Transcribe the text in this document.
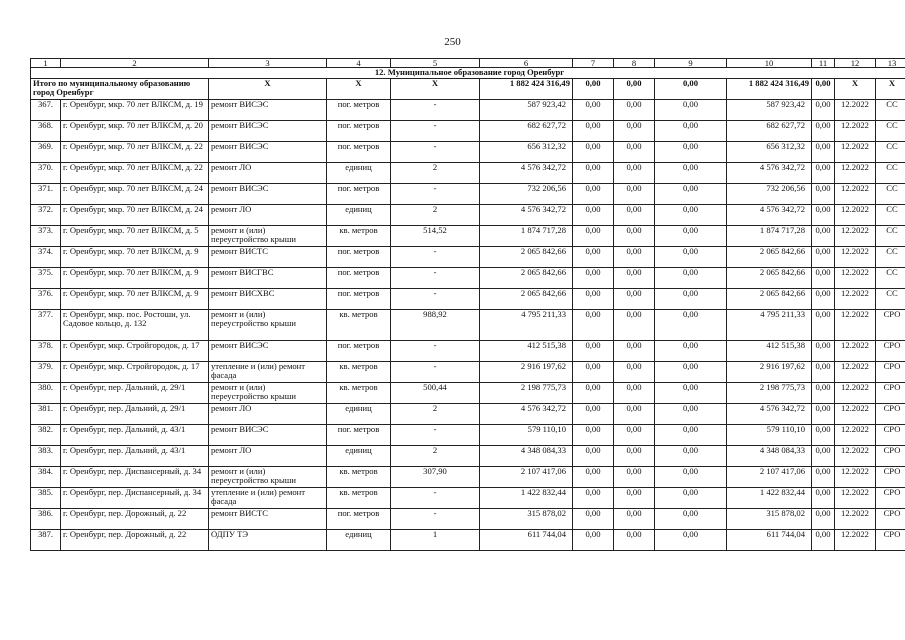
250
1	2	3	4	5	6	7	8	9	10	11	12	13
12. Муниципальное образование город Оренбург												
Итого по муниципальному образованию город Оренбург		X	X	X	1 882 424 316,49	0,00	0,00	0,00	1 882 424 316,49	0,00	X	X
367.	г. Оренбург, мкр. 70 лет ВЛКСМ, д. 19	ремонт ВИСЭС	пог. метров	-	587 923,42	0,00	0,00	0,00	587 923,42	0,00	12.2022	СС
368.	г. Оренбург, мкр. 70 лет ВЛКСМ, д. 20	ремонт ВИСЭС	пог. метров	-	682 627,72	0,00	0,00	0,00	682 627,72	0,00	12.2022	СС
369.	г. Оренбург, мкр. 70 лет ВЛКСМ, д. 22	ремонт ВИСЭС	пог. метров	-	656 312,32	0,00	0,00	0,00	656 312,32	0,00	12.2022	СС
370.	г. Оренбург, мкр. 70 лет ВЛКСМ, д. 22	ремонт ЛО	единиц	2	4 576 342,72	0,00	0,00	0,00	4 576 342,72	0,00	12.2022	СС
371.	г. Оренбург, мкр. 70 лет ВЛКСМ, д. 24	ремонт ВИСЭС	пог. метров	-	732 206,56	0,00	0,00	0,00	732 206,56	0,00	12.2022	СС
372.	г. Оренбург, мкр. 70 лет ВЛКСМ, д. 24	ремонт ЛО	единиц	2	4 576 342,72	0,00	0,00	0,00	4 576 342,72	0,00	12.2022	СС
373.	г. Оренбург, мкр. 70 лет ВЛКСМ, д. 5	ремонт и (или) переустройство крыши	кв. метров	514,52	1 874 717,28	0,00	0,00	0,00	1 874 717,28	0,00	12.2022	СС
374.	г. Оренбург, мкр. 70 лет ВЛКСМ, д. 9	ремонт ВИСТС	пог. метров	-	2 065 842,66	0,00	0,00	0,00	2 065 842,66	0,00	12.2022	СС
375.	г. Оренбург, мкр. 70 лет ВЛКСМ, д. 9	ремонт ВИСГВС	пог. метров	-	2 065 842,66	0,00	0,00	0,00	2 065 842,66	0,00	12.2022	СС
376.	г. Оренбург, мкр. 70 лет ВЛКСМ, д. 9	ремонт ВИСХВС	пог. метров	-	2 065 842,66	0,00	0,00	0,00	2 065 842,66	0,00	12.2022	СС
377.	г. Оренбург, мкр. пос. Ростоши, ул. Садовое кольцо, д. 132	ремонт и (или) переустройство крыши	кв. метров	988,92	4 795 211,33	0,00	0,00	0,00	4 795 211,33	0,00	12.2022	СРО
378.	г. Оренбург, мкр. Стройгородок, д. 17	ремонт ВИСЭС	пог. метров	-	412 515,38	0,00	0,00	0,00	412 515,38	0,00	12.2022	СРО
379.	г. Оренбург, мкр. Стройгородок, д. 17	утепление и (или) ремонт фасада	кв. метров	-	2 916 197,62	0,00	0,00	0,00	2 916 197,62	0,00	12.2022	СРО
380.	г. Оренбург, пер. Дальний, д. 29/1	ремонт и (или) переустройство крыши	кв. метров	500,44	2 198 775,73	0,00	0,00	0,00	2 198 775,73	0,00	12.2022	СРО
381.	г. Оренбург, пер. Дальний, д. 29/1	ремонт ЛО	единиц	2	4 576 342,72	0,00	0,00	0,00	4 576 342,72	0,00	12.2022	СРО
382.	г. Оренбург, пер. Дальний, д. 43/1	ремонт ВИСЭС	пог. метров	-	579 110,10	0,00	0,00	0,00	579 110,10	0,00	12.2022	СРО
383.	г. Оренбург, пер. Дальний, д. 43/1	ремонт ЛО	единиц	2	4 348 084,33	0,00	0,00	0,00	4 348 084,33	0,00	12.2022	СРО
384.	г. Оренбург, пер. Диспансерный, д. 34	ремонт и (или) переустройство крыши	кв. метров	307,90	2 107 417,06	0,00	0,00	0,00	2 107 417,06	0,00	12.2022	СРО
385.	г. Оренбург, пер. Диспансерный, д. 34	утепление и (или) ремонт фасада	кв. метров	-	1 422 832,44	0,00	0,00	0,00	1 422 832,44	0,00	12.2022	СРО
386.	г. Оренбург, пер. Дорожный, д. 22	ремонт ВИСТС	пог. метров	-	315 878,02	0,00	0,00	0,00	315 878,02	0,00	12.2022	СРО
387.	г. Оренбург, пер. Дорожный, д. 22	ОДПУ ТЭ	единиц	1	611 744,04	0,00	0,00	0,00	611 744,04	0,00	12.2022	СРО
